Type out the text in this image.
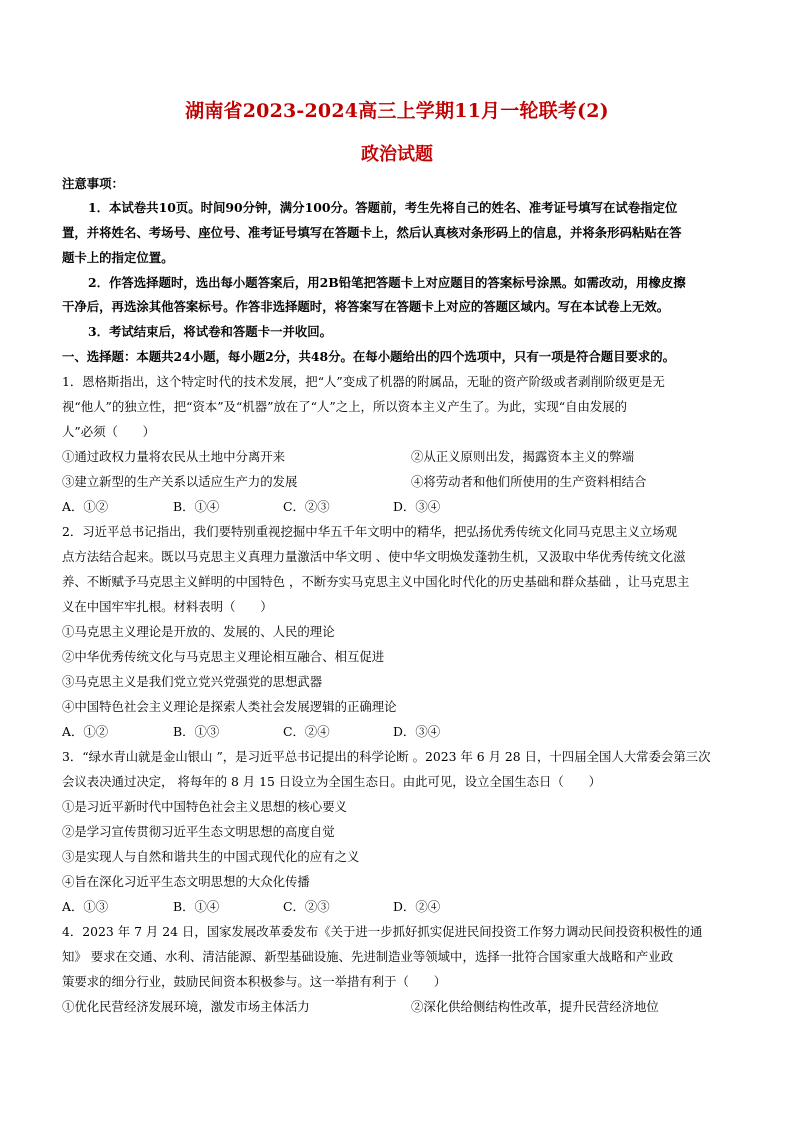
湖南省2023-2024高三上学期11月一轮联考(2)
政治试题
注意事项：
1．本试卷共10页。时间90分钟，满分100分。答题前，考生先将自己的姓名、准考证号填写在试卷指定位
置，并将姓名、考场号、座位号、准考证号填写在答题卡上，然后认真核对条形码上的信息，并将条形码粘贴在答
题卡上的指定位置。
2．作答选择题时，选出每小题答案后，用2B铅笔把答题卡上对应题目的答案标号涂黑。如需改动，用橡皮擦
干净后，再选涂其他答案标号。作答非选择题时，将答案写在答题卡上对应的答题区域内。写在本试卷上无效。
3．考试结束后，将试卷和答题卡一并收回。
一、选择题：本题共24小题，每小题2分，共48分。在每小题给出的四个选项中，只有一项是符合题目要求的。
1．恩格斯指出，这个特定时代的技术发展，把“人”变成了机器的附属品，无耻的资产阶级或者剥削阶级更是无
视“他人”的独立性，把“资本”及“机器”放在了“人”之上，所以资本主义产生了。为此，实现“自由发展的
人”必须（　　）
①通过政权力量将农民从土地中分离开来	②从正义原则出发，揭露资本主义的弊端
③建立新型的生产关系以适应生产力的发展	④将劳动者和他们所使用的生产资料相结合
A．①②	B．①④	C．②③	D．③④
2．习近平总书记指出，我们要特别重视挖掘中华五千年文明中的精华，把弘扬优秀传统文化同马克思主义立场观
点方法结合起来。既以马克思主义真理力量激活中华文明 、使中华文明焕发蓬勃生机，又汲取中华优秀传统文化滋
养、不断赋予马克思主义鲜明的中国特色 ，不断夯实马克思主义中国化时代化的历史基础和群众基础 ，让马克思主
义在中国牢牢扎根。材料表明（　　）
①马克思主义理论是开放的、发展的、人民的理论
②中华优秀传统文化与马克思主义理论相互融合、相互促进
③马克思主义是我们党立党兴党强党的思想武器
④中国特色社会主义理论是探索人类社会发展逻辑的正确理论
A．①②	B．①③	C．②④	D．③④
3．“绿水青山就是金山银山 ”，是习近平总书记提出的科学论断 。2023 年 6 月 28 日，十四届全国人大常委会第三次
会议表决通过决定， 将每年的 8 月 15 日设立为全国生态日。由此可见，设立全国生态日（　　）
①是习近平新时代中国特色社会主义思想的核心要义
②是学习宣传贯彻习近平生态文明思想的高度自觉
③是实现人与自然和谐共生的中国式现代化的应有之义
④旨在深化习近平生态文明思想的大众化传播
A．①③	B．①④	C．②③	D．②④
4．2023 年 7 月 24 日，国家发展改革委发布《关于进一步抓好抓实促进民间投资工作努力调动民间投资积极性的通
知》 要求在交通、水利、清洁能源、新型基础设施、先进制造业等领域中，选择一批符合国家重大战略和产业政
策要求的细分行业，鼓励民间资本积极参与。这一举措有利于（　　）
①优化民营经济发展环境，激发市场主体活力	②深化供给侧结构性改革，提升民营经济地位
